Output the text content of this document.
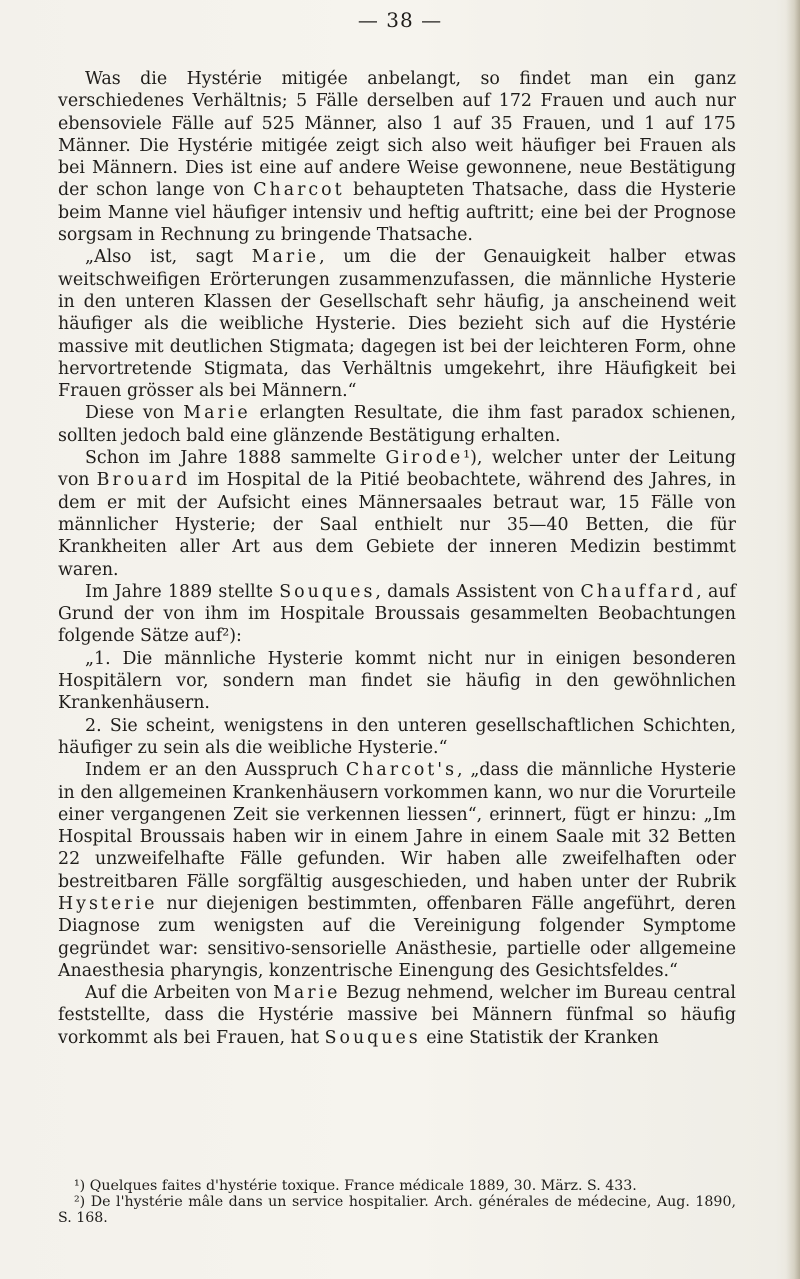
— 38 —

Was die Hystérie mitigée anbelangt, so findet man ein ganz verschiedenes Verhältnis; 5 Fälle derselben auf 172 Frauen und auch nur ebensoviele Fälle auf 525 Männer, also 1 auf 35 Frauen, und 1 auf 175 Männer. Die Hystérie mitigée zeigt sich also weit häufiger bei Frauen als bei Männern. Dies ist eine auf andere Weise gewonnene, neue Bestätigung der schon lange von Charcot behaupteten Thatsache, dass die Hysterie beim Manne viel häufiger intensiv und heftig auftritt; eine bei der Prognose sorgsam in Rechnung zu bringende Thatsache.

„Also ist, sagt Marie, um die der Genauigkeit halber etwas weitschweifigen Erörterungen zusammenzufassen, die männliche Hysterie in den unteren Klassen der Gesellschaft sehr häufig, ja anscheinend weit häufiger als die weibliche Hysterie. Dies bezieht sich auf die Hystérie massive mit deutlichen Stigmata; dagegen ist bei der leichteren Form, ohne hervortretende Stigmata, das Verhältnis umgekehrt, ihre Häufigkeit bei Frauen grösser als bei Männern.“

Diese von Marie erlangten Resultate, die ihm fast paradox schienen, sollten jedoch bald eine glänzende Bestätigung erhalten.

Schon im Jahre 1888 sammelte Girode¹), welcher unter der Leitung von Brouard im Hospital de la Pitié beobachtete, während des Jahres, in dem er mit der Aufsicht eines Männersaales betraut war, 15 Fälle von männlicher Hysterie; der Saal enthielt nur 35—40 Betten, die für Krankheiten aller Art aus dem Gebiete der inneren Medizin bestimmt waren.

Im Jahre 1889 stellte Souques, damals Assistent von Chauffard, auf Grund der von ihm im Hospitale Broussais gesammelten Beobachtungen folgende Sätze auf²):

„1. Die männliche Hysterie kommt nicht nur in einigen besonderen Hospitälern vor, sondern man findet sie häufig in den gewöhnlichen Krankenhäusern.

2. Sie scheint, wenigstens in den unteren gesellschaftlichen Schichten, häufiger zu sein als die weibliche Hysterie.“

Indem er an den Ausspruch Charcot's, „dass die männliche Hysterie in den allgemeinen Krankenhäusern vorkommen kann, wo nur die Vorurteile einer vergangenen Zeit sie verkennen liessen“, erinnert, fügt er hinzu: „Im Hospital Broussais haben wir in einem Jahre in einem Saale mit 32 Betten 22 unzweifelhafte Fälle gefunden. Wir haben alle zweifelhaften oder bestreitbaren Fälle sorgfältig ausgeschieden, und haben unter der Rubrik Hysterie nur diejenigen bestimmten, offenbaren Fälle angeführt, deren Diagnose zum wenigsten auf die Vereinigung folgender Symptome gegründet war: sensitivo-sensorielle Anästhesie, partielle oder allgemeine Anaesthesia pharyngis, konzentrische Einengung des Gesichtsfeldes.“

Auf die Arbeiten von Marie Bezug nehmend, welcher im Bureau central feststellte, dass die Hystérie massive bei Männern fünfmal so häufig vorkommt als bei Frauen, hat Souques eine Statistik der Kranken

¹) Quelques faites d'hystérie toxique. France médicale 1889, 30. März. S. 433.

²) De l'hystérie mâle dans un service hospitalier. Arch. générales de médecine, Aug. 1890, S. 168.
